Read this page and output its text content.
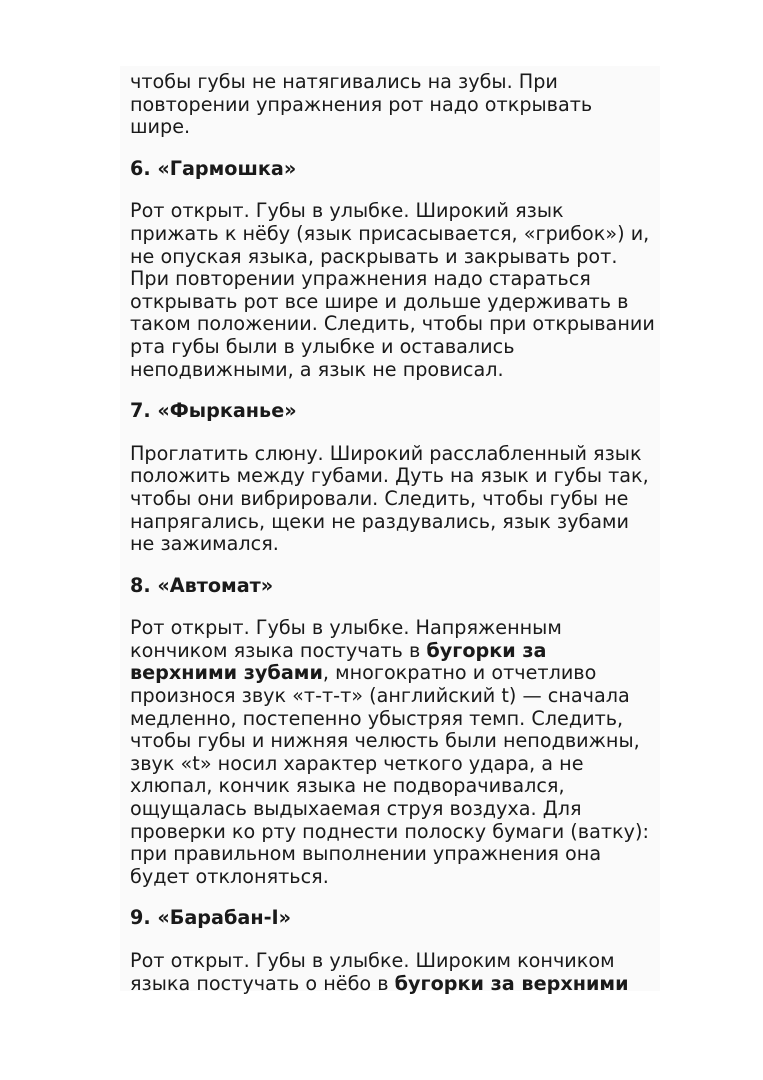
чтобы губы не натягивались на зубы. При повторении упражнения рот надо открывать шире.

6. «Гармошка»

Рот открыт. Губы в улыбке. Широкий язык прижать к нёбу (язык присасывается, «грибок») и, не опуская языка, раскрывать и закрывать рот. При повторении упражнения надо стараться открывать рот все шире и дольше удерживать в таком положении. Следить, чтобы при открывании рта губы были в улыбке и оставались неподвижными, а язык не провисал.

7. «Фырканье»

Проглатить слюну. Широкий расслабленный язык положить между губами. Дуть на язык и губы так, чтобы они вибрировали. Следить, чтобы губы не напрягались, щеки не раздувались, язык зубами не зажимался.

8. «Автомат»

Рот открыт. Губы в улыбке. Напряженным кончиком языка постучать в бугорки за верхними зубами, многократно и отчетливо произнося звук «т-т-т» (английский t) — сначала медленно, постепенно убыстряя темп. Следить, чтобы губы и нижняя челюсть были неподвижны, звук «t» носил характер четкого удара, а не хлюпал, кончик языка не подворачивался, ощущалась выдыхаемая струя воздуха. Для проверки ко рту поднести полоску бумаги (ватку): при правильном выполнении упражнения она будет отклоняться.

9. «Барабан-I»

Рот открыт. Губы в улыбке. Широким кончиком языка постучать о нёбо в бугорки за верхними
